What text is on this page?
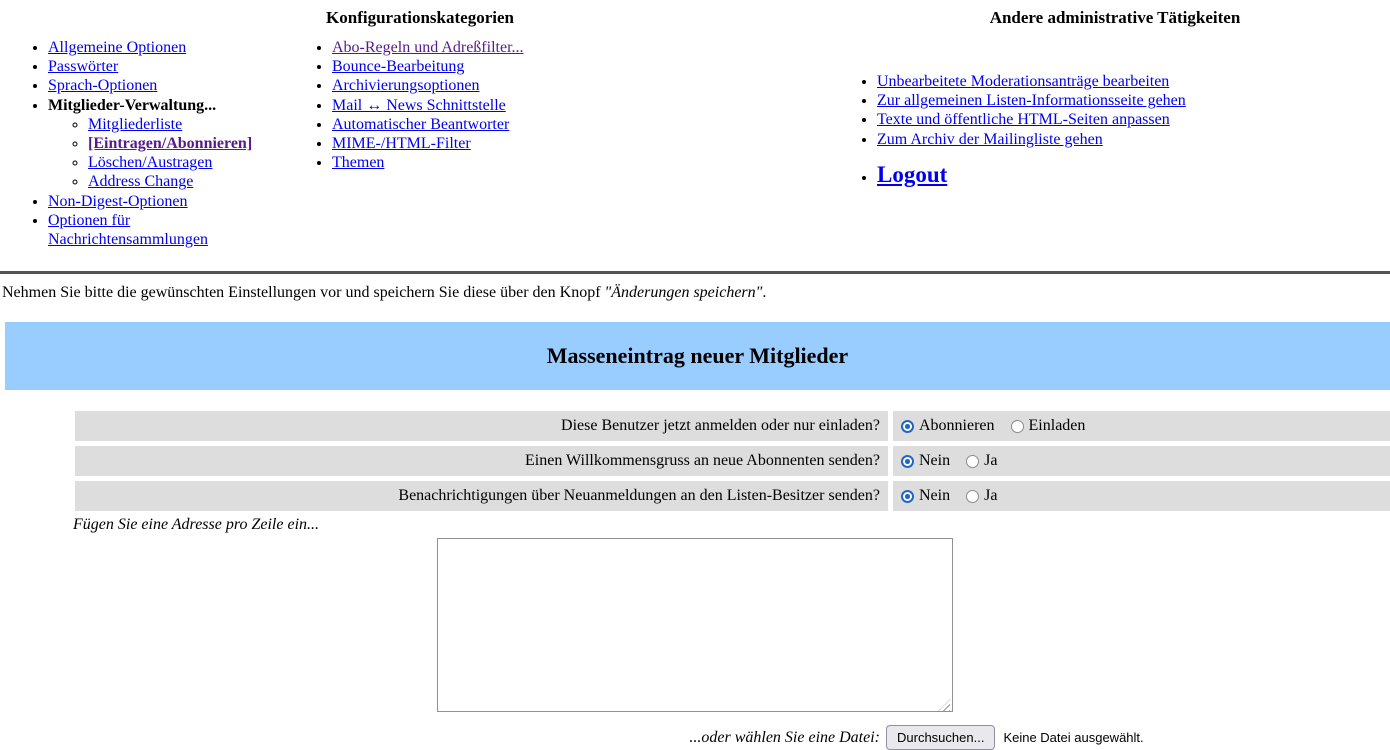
Konfigurationskategorien
• Allgemeine Optionen
• Passwörter
• Sprach-Optionen
• Mitglieder-Verwaltung...
◦ Mitgliederliste
◦ [Eintragen/Abonnieren]
◦ Löschen/Austragen
◦ Address Change
• Non-Digest-Optionen
• Optionen für Nachrichtensammlungen
• Abo-Regeln und Adreßfilter...
• Bounce-Bearbeitung
• Archivierungsoptionen
• Mail ↔ News Schnittstelle
• Automatischer Beantworter
• MIME-/HTML-Filter
• Themen
Andere administrative Tätigkeiten
• Unbearbeitete Moderationsanträge bearbeiten
• Zur allgemeinen Listen-Informationsseite gehen
• Texte und öffentliche HTML-Seiten anpassen
• Zum Archiv der Mailingliste gehen
• Logout

Nehmen Sie bitte die gewünschten Einstellungen vor und speichern Sie diese über den Knopf "Änderungen speichern".

Masseneintrag neuer Mitglieder
Diese Benutzer jetzt anmelden oder nur einladen?	Abonnieren Einladen
Einen Willkommensgruss an neue Abonnenten senden?	Nein Ja
Benachrichtigungen über Neuanmeldungen an den Listen-Besitzer senden?	Nein Ja

Fügen Sie eine Adresse pro Zeile ein...

...oder wählen Sie eine Datei:	Durchsuchen...	Keine Datei ausgewählt.
